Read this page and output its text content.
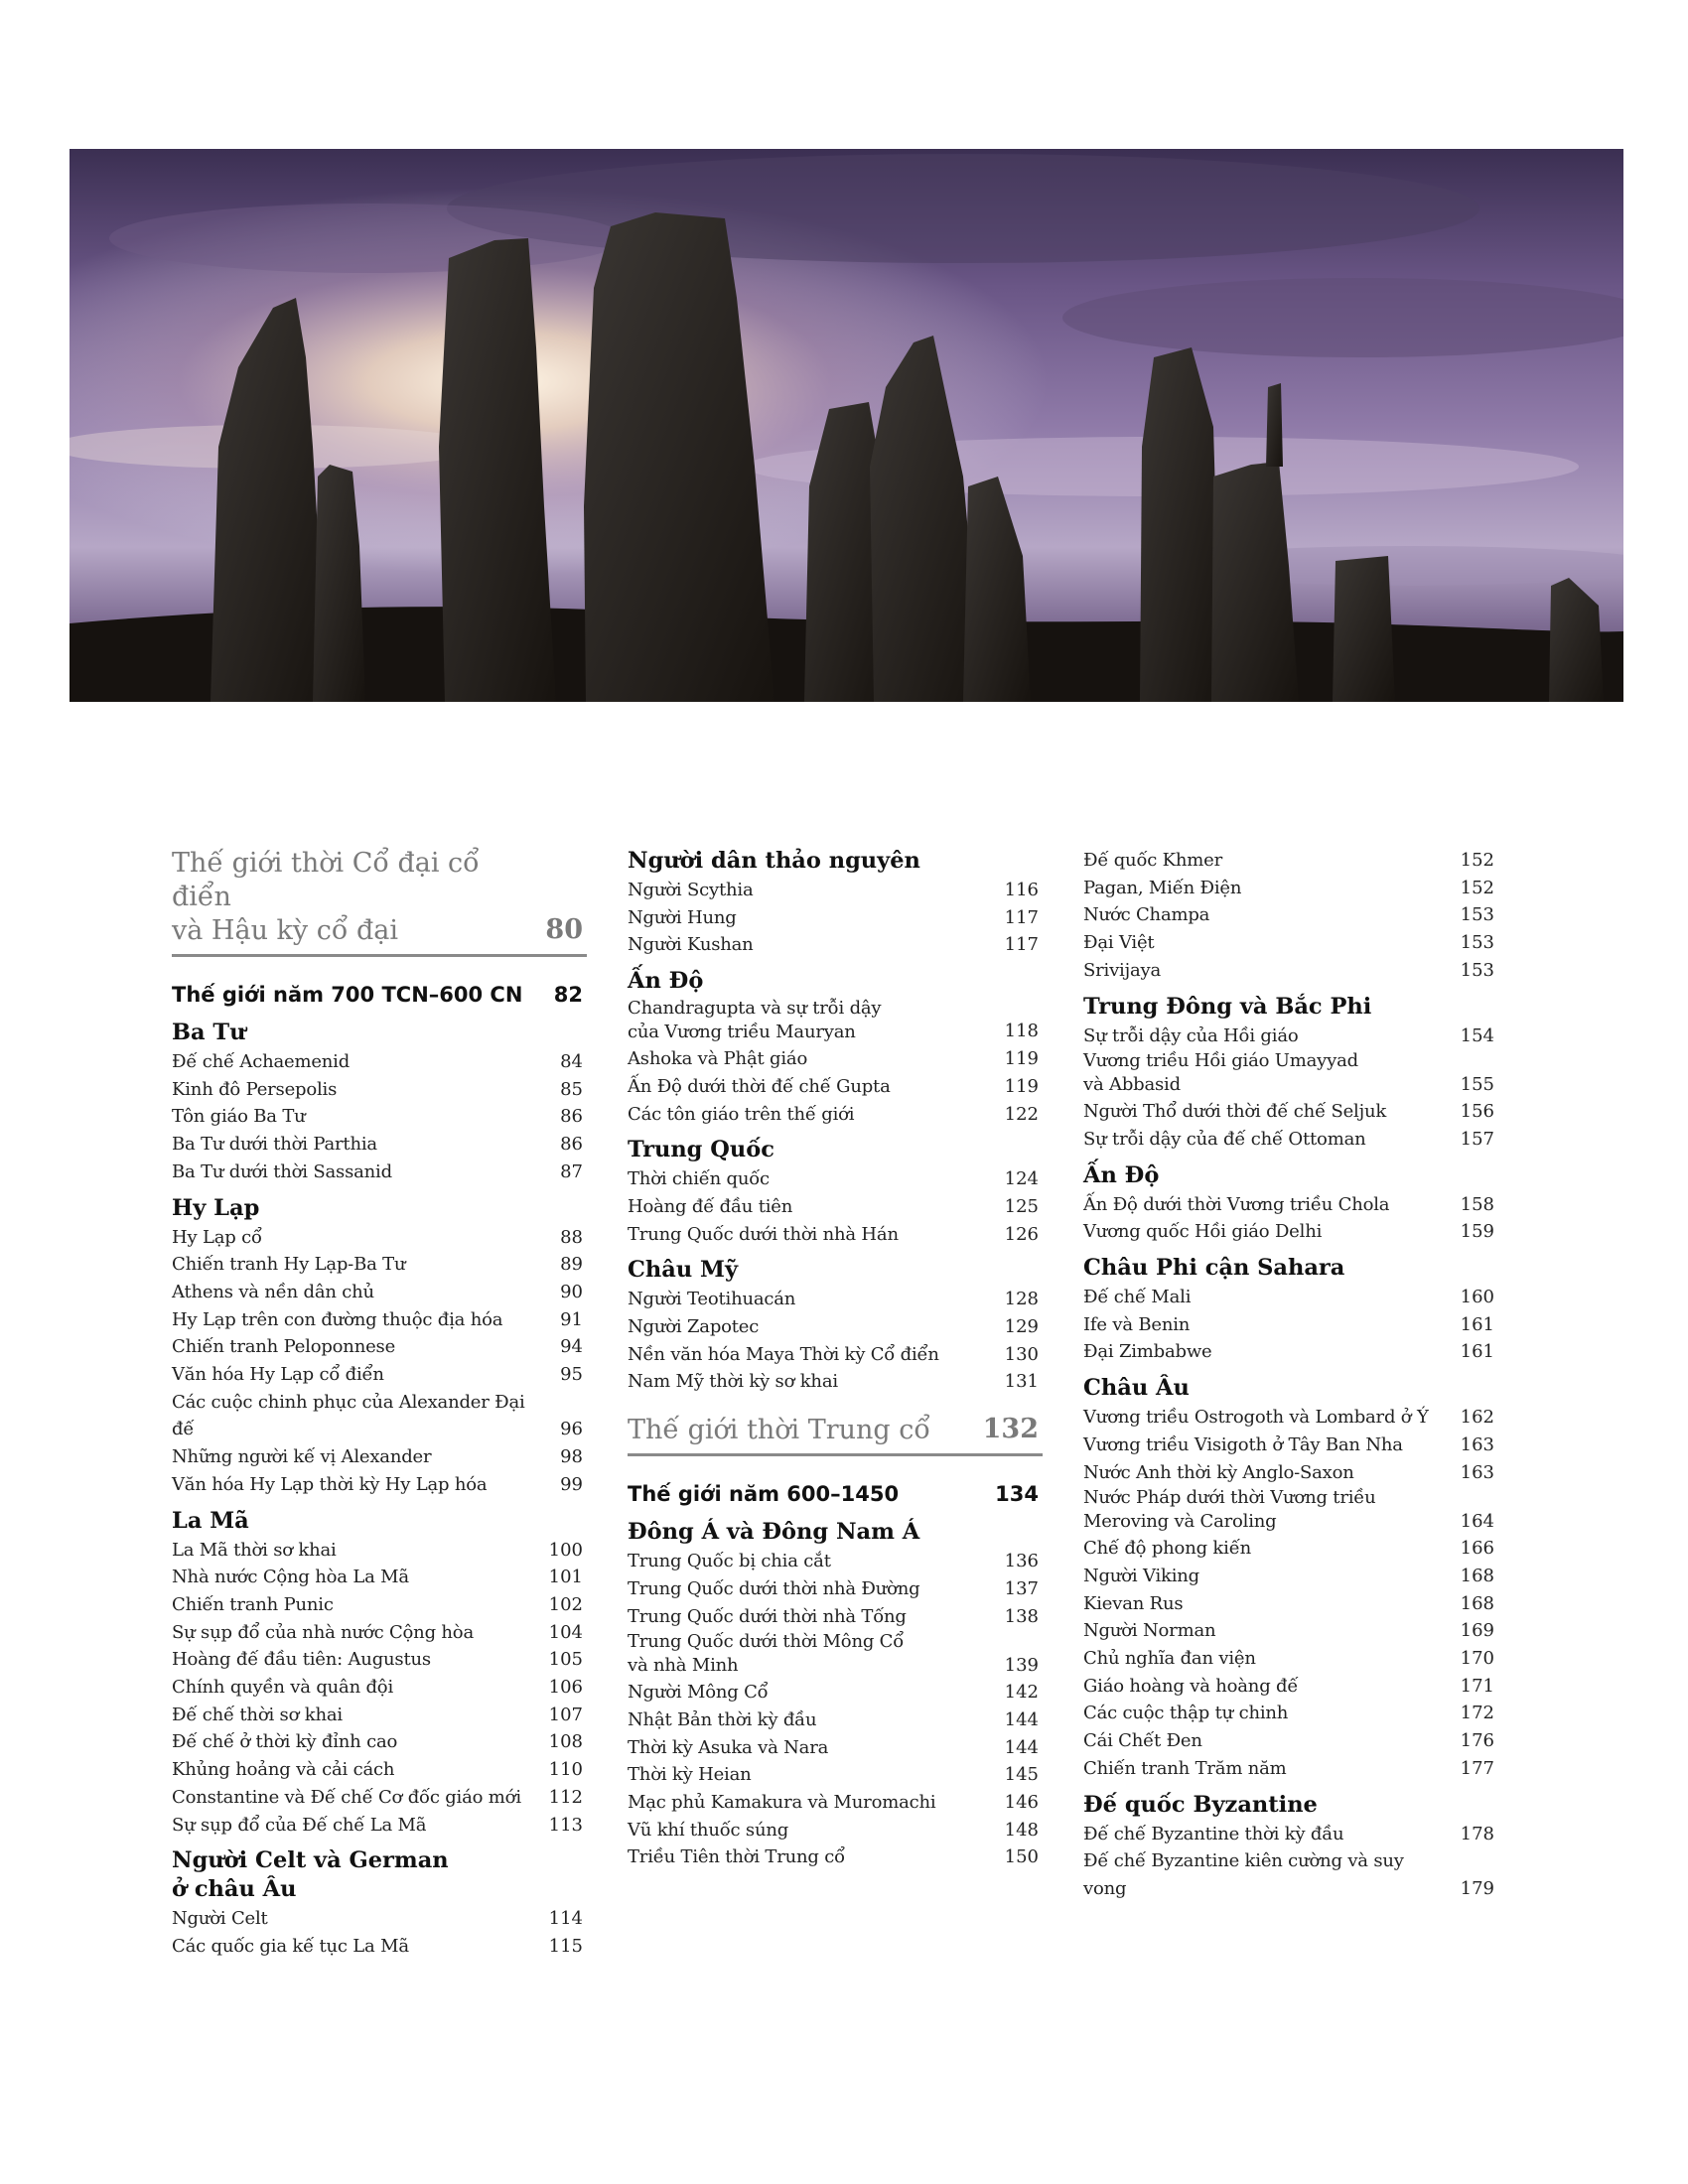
Thế giới thời Cổ đại cổ điển
và Hậu kỳ cổ đại	80
Thế giới năm 700 TCN–600 CN 82
Ba Tư
Đế chế Achaemenid	84
Kinh đô Persepolis	85
Tôn giáo Ba Tư	86
Ba Tư dưới thời Parthia	86
Ba Tư dưới thời Sassanid	87
Hy Lạp
Hy Lạp cổ	88
Chiến tranh Hy Lạp-Ba Tư	89
Athens và nền dân chủ	90
Hy Lạp trên con đường thuộc địa hóa	91
Chiến tranh Peloponnese	94
Văn hóa Hy Lạp cổ điển	95
Các cuộc chinh phục của Alexander Đại đế	96
Những người kế vị Alexander	98
Văn hóa Hy Lạp thời kỳ Hy Lạp hóa	99
La Mã
La Mã thời sơ khai	100
Nhà nước Cộng hòa La Mã	101
Chiến tranh Punic	102
Sự sụp đổ của nhà nước Cộng hòa	104
Hoàng đế đầu tiên: Augustus	105
Chính quyền và quân đội	106
Đế chế thời sơ khai	107
Đế chế ở thời kỳ đỉnh cao	108
Khủng hoảng và cải cách	110
Constantine và Đế chế Cơ đốc giáo mới	112
Sự sụp đổ của Đế chế La Mã	113
Người Celt và German
ở châu Âu
Người Celt	114
Các quốc gia kế tục La Mã	115
Người dân thảo nguyên
Người Scythia	116
Người Hung	117
Người Kushan	117
Ấn Độ
Chandragupta và sự trỗi dậy
của Vương triều Mauryan	118
Ashoka và Phật giáo	119
Ấn Độ dưới thời đế chế Gupta	119
Các tôn giáo trên thế giới	122
Trung Quốc
Thời chiến quốc	124
Hoàng đế đầu tiên	125
Trung Quốc dưới thời nhà Hán	126
Châu Mỹ
Người Teotihuacán	128
Người Zapotec	129
Nền văn hóa Maya Thời kỳ Cổ điển	130
Nam Mỹ thời kỳ sơ khai	131
Thế giới thời Trung cổ	132
Thế giới năm 600–1450	134
Đông Á và Đông Nam Á
Trung Quốc bị chia cắt	136
Trung Quốc dưới thời nhà Đường	137
Trung Quốc dưới thời nhà Tống	138
Trung Quốc dưới thời Mông Cổ
và nhà Minh	139
Người Mông Cổ	142
Nhật Bản thời kỳ đầu	144
Thời kỳ Asuka và Nara	144
Thời kỳ Heian	145
Mạc phủ Kamakura và Muromachi	146
Vũ khí thuốc súng	148
Triều Tiên thời Trung cổ	150
Đế quốc Khmer	152
Pagan, Miến Điện	152
Nước Champa	153
Đại Việt	153
Srivijaya	153
Trung Đông và Bắc Phi
Sự trỗi dậy của Hồi giáo	154
Vương triều Hồi giáo Umayyad
và Abbasid	155
Người Thổ dưới thời đế chế Seljuk	156
Sự trỗi dậy của đế chế Ottoman	157
Ấn Độ
Ấn Độ dưới thời Vương triều Chola	158
Vương quốc Hồi giáo Delhi	159
Châu Phi cận Sahara
Đế chế Mali	160
Ife và Benin	161
Đại Zimbabwe	161
Châu Âu
Vương triều Ostrogoth và Lombard ở Ý	162
Vương triều Visigoth ở Tây Ban Nha	163
Nước Anh thời kỳ Anglo-Saxon	163
Nước Pháp dưới thời Vương triều
Meroving và Caroling	164
Chế độ phong kiến	166
Người Viking	168
Kievan Rus	168
Người Norman	169
Chủ nghĩa đan viện	170
Giáo hoàng và hoàng đế	171
Các cuộc thập tự chinh	172
Cái Chết Đen	176
Chiến tranh Trăm năm	177
Đế quốc Byzantine
Đế chế Byzantine thời kỳ đầu	178
Đế chế Byzantine kiên cường và suy vong	179
